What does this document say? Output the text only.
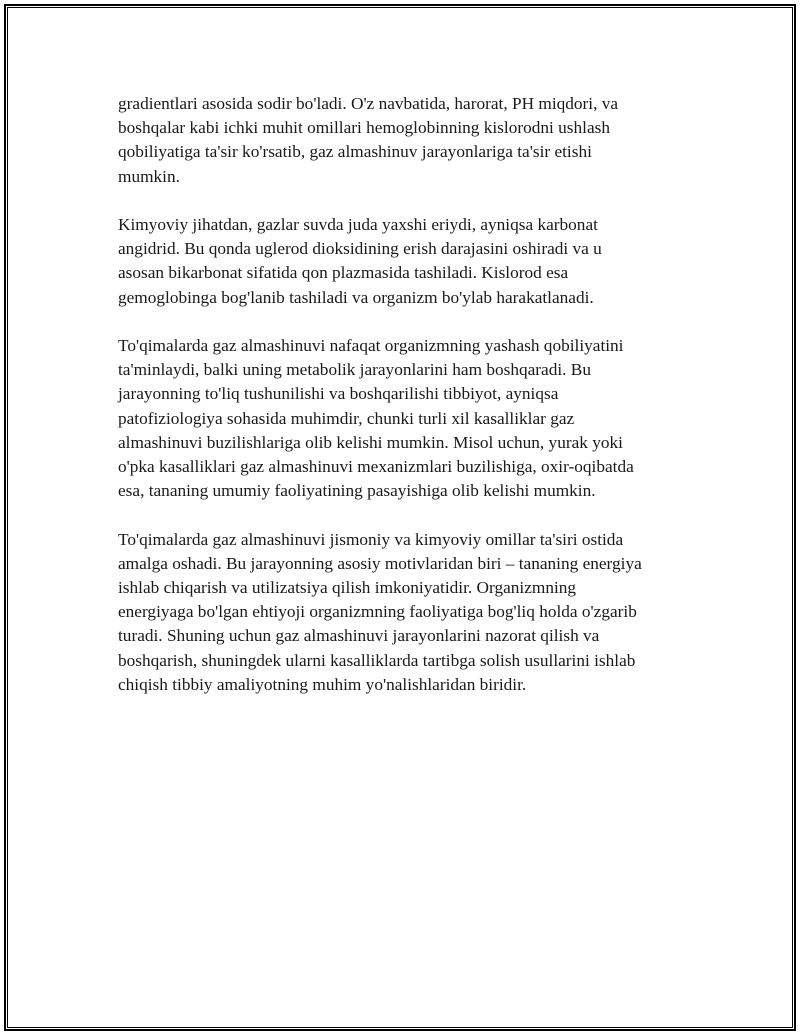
gradientlari asosida sodir bo'ladi. O'z navbatida, harorat, PH miqdori, va
boshqalar kabi ichki muhit omillari hemoglobinning kislorodni ushlash
qobiliyatiga ta'sir ko'rsatib, gaz almashinuv jarayonlariga ta'sir etishi
mumkin.

Kimyoviy jihatdan, gazlar suvda juda yaxshi eriydi, ayniqsa karbonat
angidrid. Bu qonda uglerod dioksidining erish darajasini oshiradi va u
asosan bikarbonat sifatida qon plazmasida tashiladi. Kislorod esa
gemoglobinga bog'lanib tashiladi va organizm bo'ylab harakatlanadi.

To'qimalarda gaz almashinuvi nafaqat organizmning yashash qobiliyatini
ta'minlaydi, balki uning metabolik jarayonlarini ham boshqaradi. Bu
jarayonning to'liq tushunilishi va boshqarilishi tibbiyot, ayniqsa
patofiziologiya sohasida muhimdir, chunki turli xil kasalliklar gaz
almashinuvi buzilishlariga olib kelishi mumkin. Misol uchun, yurak yoki
o'pka kasalliklari gaz almashinuvi mexanizmlari buzilishiga, oxir-oqibatda
esa, tananing umumiy faoliyatining pasayishiga olib kelishi mumkin.

To'qimalarda gaz almashinuvi jismoniy va kimyoviy omillar ta'siri ostida
amalga oshadi. Bu jarayonning asosiy motivlaridan biri – tananing energiya
ishlab chiqarish va utilizatsiya qilish imkoniyatidir. Organizmning
energiyaga bo'lgan ehtiyoji organizmning faoliyatiga bog'liq holda o'zgarib
turadi. Shuning uchun gaz almashinuvi jarayonlarini nazorat qilish va
boshqarish, shuningdek ularni kasalliklarda tartibga solish usullarini ishlab
chiqish tibbiy amaliyotning muhim yo'nalishlaridan biridir.
